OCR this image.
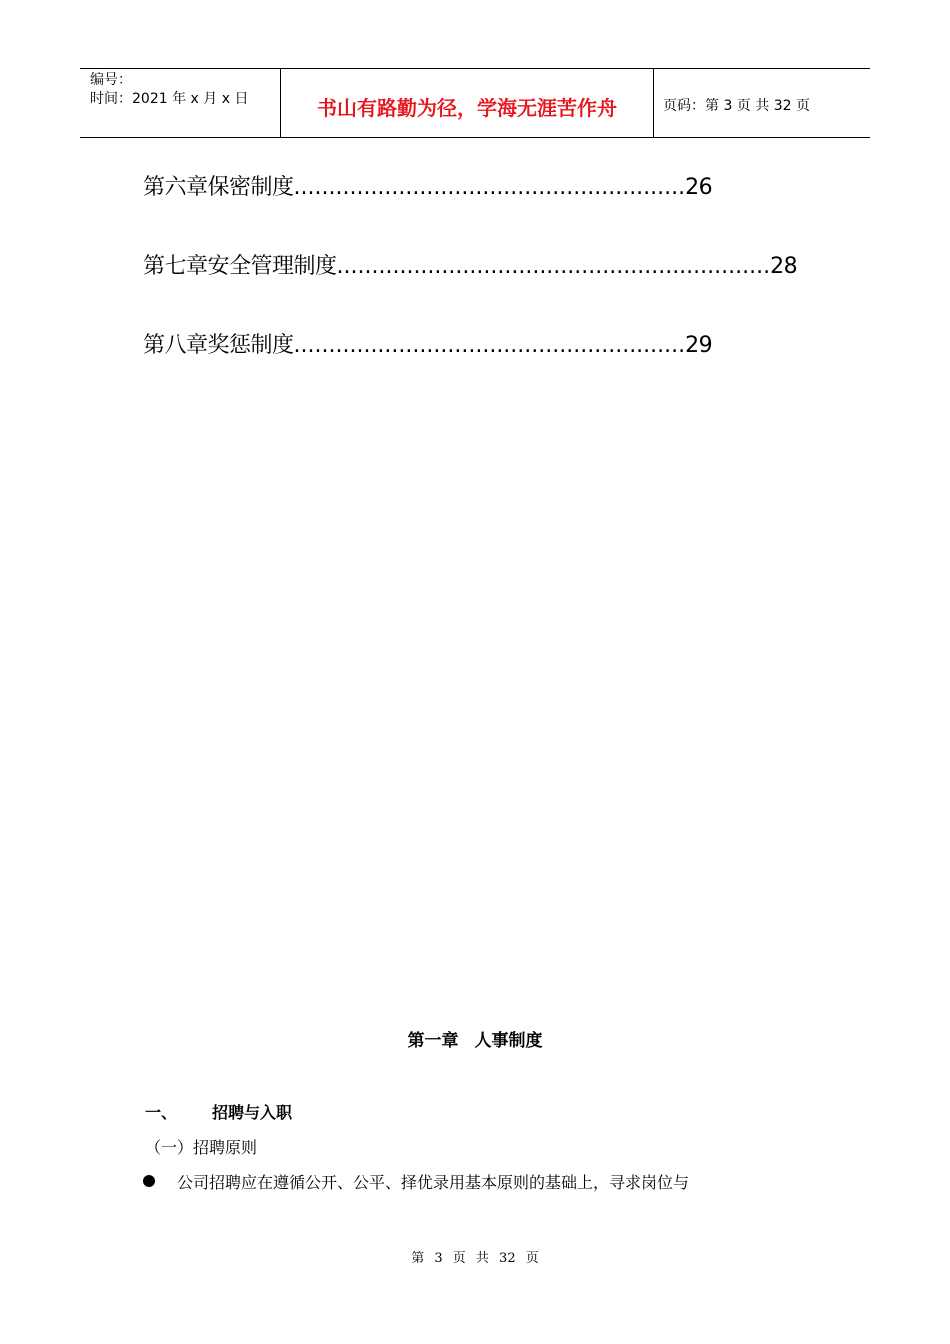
编号：
时间：2021 年 x 月 x 日	书山有路勤为径，学海无涯苦作舟	页码：第 3 页 共 32 页
第六章保密制度........................................................26
第七章安全管理制度..............................................................28
第八章奖惩制度........................................................29
第一章 人事制度
一、 招聘与入职
（一）招聘原则
公司招聘应在遵循公开、公平、择优录用基本原则的基础上，寻求岗位与
第 3 页 共 32 页
